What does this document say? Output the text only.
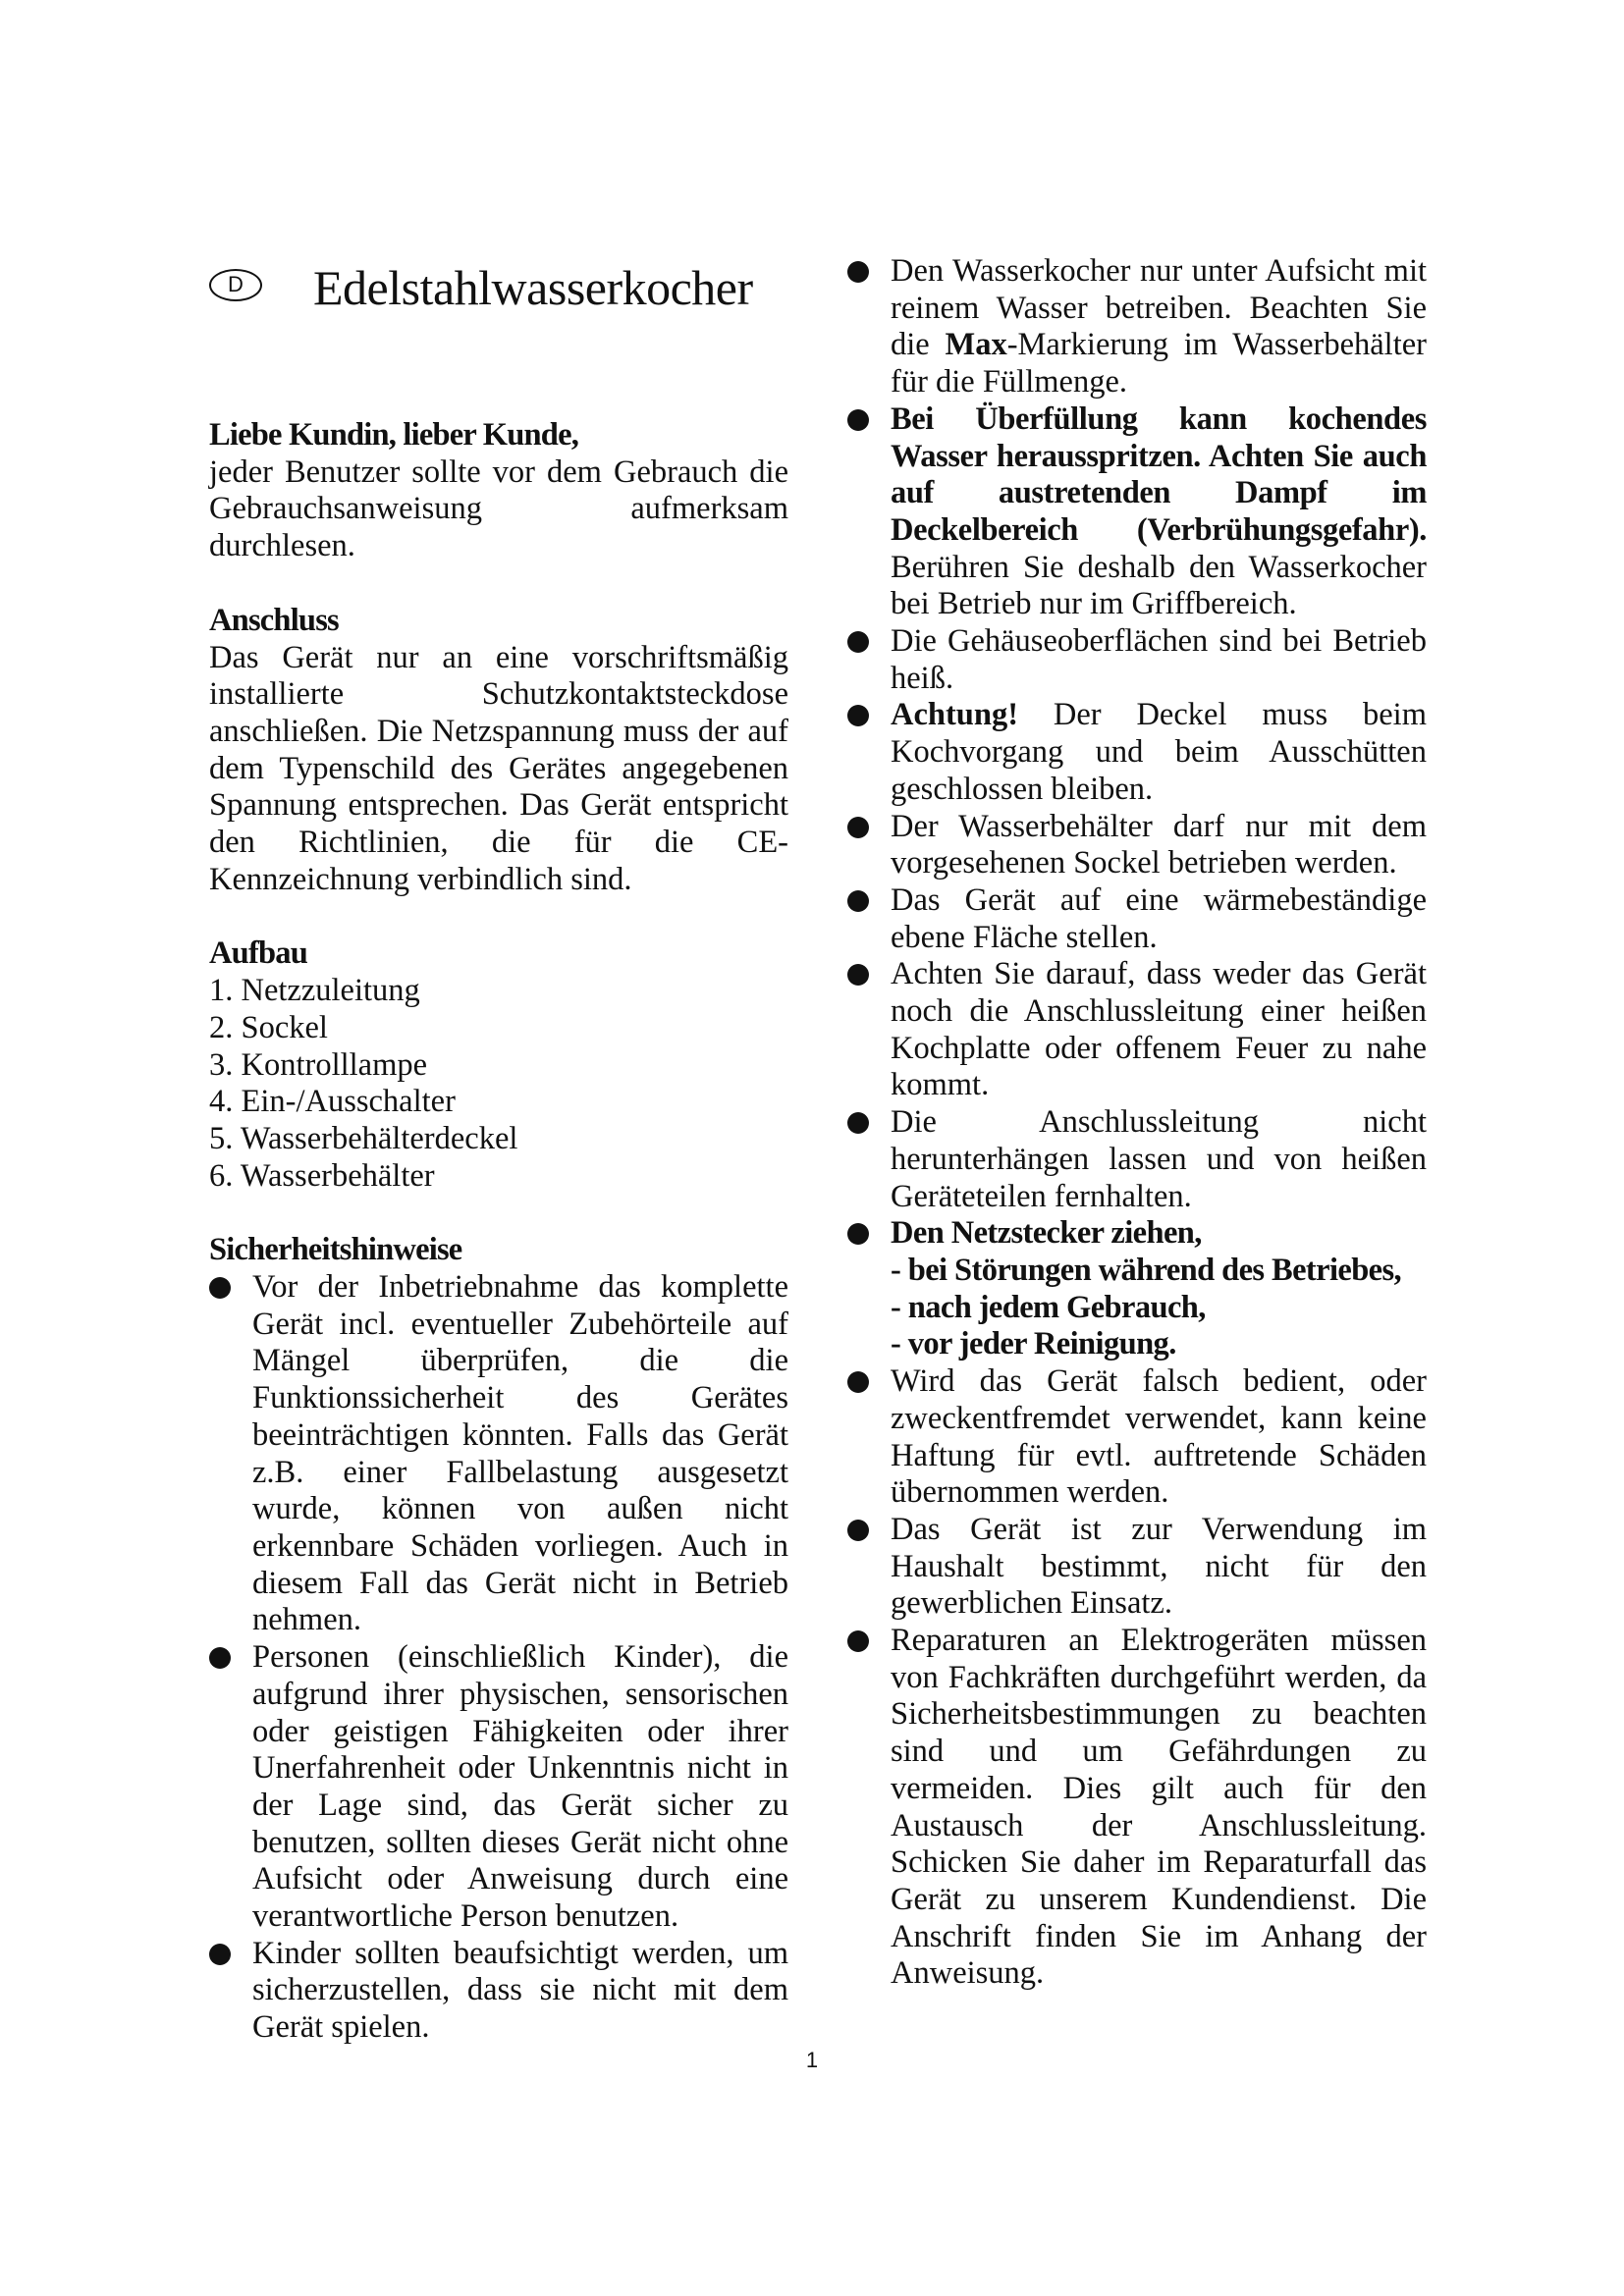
D	Edelstahlwasserkocher

Liebe Kundin, lieber Kunde,

jeder Benutzer sollte vor dem Gebrauch die Gebrauchsanweisung aufmerksam durchlesen.

Anschluss

Das Gerät nur an eine vorschriftsmäßig installierte Schutzkontaktsteckdose anschließen. Die Netzspannung muss der auf dem Typenschild des Gerätes angegebenen Spannung entsprechen. Das Gerät entspricht den Richtlinien, die für die CE-Kennzeichnung verbindlich sind.

Aufbau

1. Netzzuleitung
2. Sockel
3. Kontrolllampe
4. Ein-/Ausschalter
5. Wasserbehälterdeckel
6. Wasserbehälter

Sicherheitshinweise

Vor der Inbetriebnahme das komplette Gerät incl. eventueller Zubehörteile auf Mängel überprüfen, die die Funktionssicherheit des Gerätes beeinträchtigen könnten. Falls das Gerät z.B. einer Fallbelastung ausgesetzt wurde, können von außen nicht erkennbare Schäden vorliegen. Auch in diesem Fall das Gerät nicht in Betrieb nehmen.
Personen (einschließlich Kinder), die aufgrund ihrer physischen, sensorischen oder geistigen Fähigkeiten oder ihrer Unerfahrenheit oder Unkenntnis nicht in der Lage sind, das Gerät sicher zu benutzen, sollten dieses Gerät nicht ohne Aufsicht oder Anweisung durch eine verantwortliche Person benutzen.
Kinder sollten beaufsichtigt werden, um sicherzustellen, dass sie nicht mit dem Gerät spielen.
Den Wasserkocher nur unter Aufsicht mit reinem Wasser betreiben. Beachten Sie die Max-Markierung im Wasserbehälter für die Füllmenge.
Bei Überfüllung kann kochendes Wasser herausspritzen. Achten Sie auch auf austretenden Dampf im Deckelbereich (Verbrühungsgefahr). Berühren Sie deshalb den Wasserkocher bei Betrieb nur im Griffbereich.
Die Gehäuseoberflächen sind bei Betrieb heiß.
Achtung! Der Deckel muss beim Kochvorgang und beim Ausschütten geschlossen bleiben.
Der Wasserbehälter darf nur mit dem vorgesehenen Sockel betrieben werden.
Das Gerät auf eine wärmebeständige ebene Fläche stellen.
Achten Sie darauf, dass weder das Gerät noch die Anschlussleitung einer heißen Kochplatte oder offenem Feuer zu nahe kommt.
Die Anschlussleitung nicht herunterhängen lassen und von heißen Geräteteilen fernhalten.
Den Netzstecker ziehen,
- bei Störungen während des Betriebes,
- nach jedem Gebrauch,
- vor jeder Reinigung.
Wird das Gerät falsch bedient, oder zweckentfremdet verwendet, kann keine Haftung für evtl. auftretende Schäden übernommen werden.
Das Gerät ist zur Verwendung im Haushalt bestimmt, nicht für den gewerblichen Einsatz.
Reparaturen an Elektrogeräten müssen von Fachkräften durchgeführt werden, da Sicherheitsbestimmungen zu beachten sind und um Gefährdungen zu vermeiden. Dies gilt auch für den Austausch der Anschlussleitung. Schicken Sie daher im Reparaturfall das Gerät zu unserem Kundendienst. Die Anschrift finden Sie im Anhang der Anweisung.
1
